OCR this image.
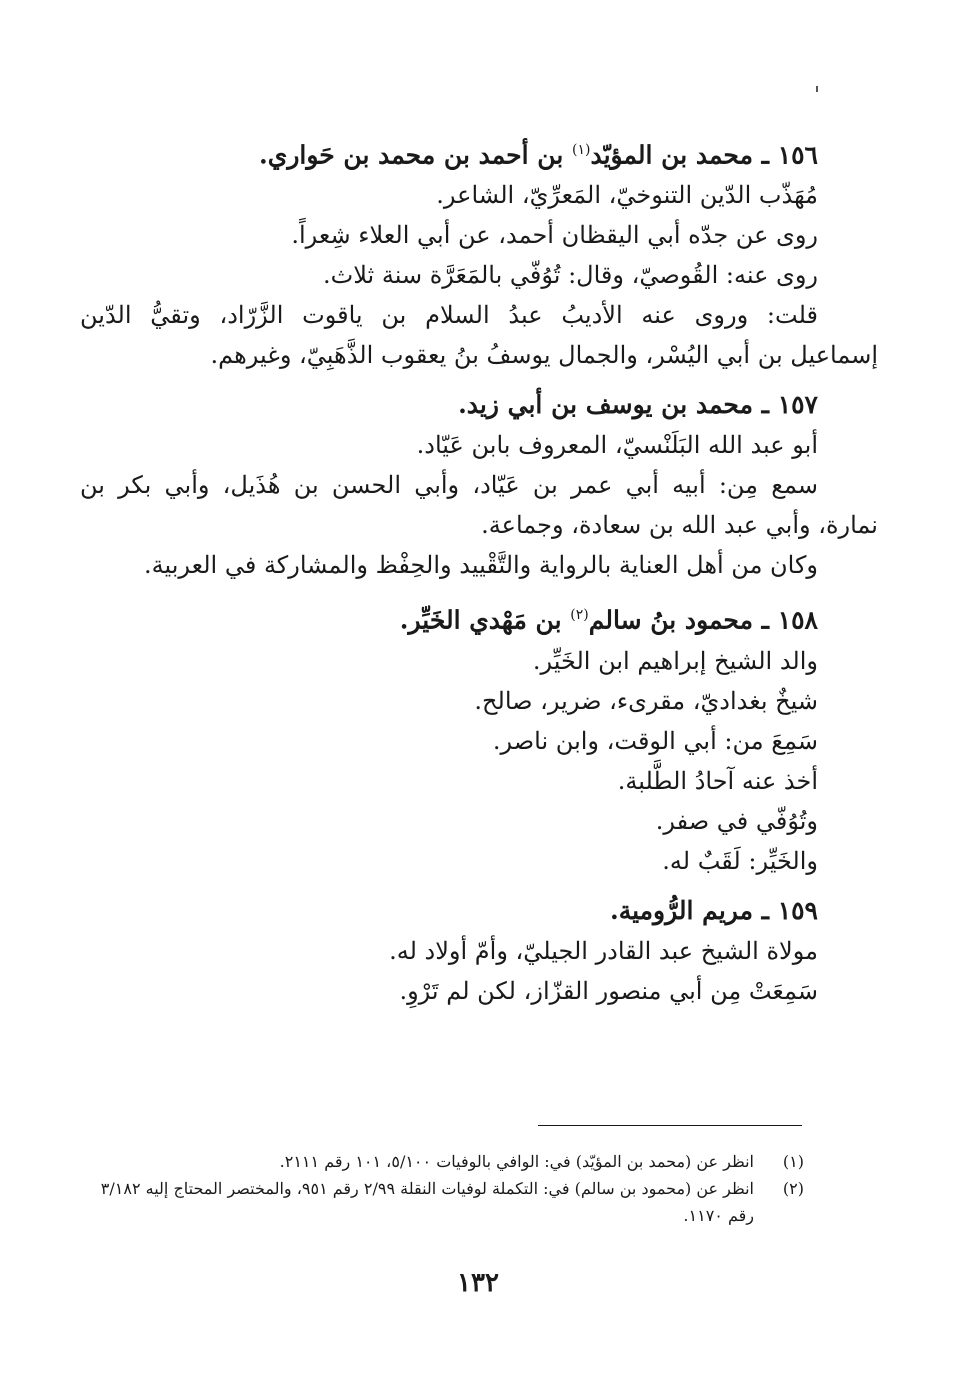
١٥٦ ـ محمد بن المؤيّد$^{(١)}$ بن أحمد بن محمد بن حَواري.

مُهَذّب الدّين التنوخيّ، المَعرِّيّ، الشاعر.

روى عن جدّه أبي اليقظان أحمد، عن أبي العلاء شِعراً.

روى عنه: القُوصيّ، وقال: تُوُفّي بالمَعَرَّة سنة ثلاث.

قلت: وروى عنه الأديبُ عبدُ السلام بن ياقوت الزَّرّاد، وتقيُّ الدّين

إسماعيل بن أبي اليُسْر، والجمال يوسفُ بنُ يعقوب الذَّهَبِيّ، وغيرهم.

١٥٧ ـ محمد بن يوسف بن أبي زيد.

أبو عبد الله البَلَنْسيّ، المعروف بابن عَيّاد.

سمع مِن: أبيه أبي عمر بن عَيّاد، وأبي الحسن بن هُذَيل، وأبي بكر بن

نمارة، وأبي عبد الله بن سعادة، وجماعة.

وكان من أهل العناية بالرواية والتَّقْييد والحِفْظ والمشاركة في العربية.

١٥٨ ـ محمود بنُ سالم$^{(٢)}$ بن مَهْدي الخَيِّر.

والد الشيخ إبراهيم ابن الخَيِّر.

شيخٌ بغداديّ، مقرىء، ضرير، صالح.

سَمِعَ من: أبي الوقت، وابن ناصر.

أخذ عنه آحادُ الطَّلبة.

وتُوُفّي في صفر.

والخَيِّر: لَقَبٌ له.

١٥٩ ـ مريم الرُّومية.

مولاة الشيخ عبد القادر الجيليّ، وأمّ أولاد له.

سَمِعَتْ مِن أبي منصور القزّاز، لكن لم تَرْوِ.

(١)
انظر عن (محمد بن المؤيّد) في: الوافي بالوفيات ٥/١٠٠، ١٠١ رقم ٢١١١.
(٢)
انظر عن (محمود بن سالم) في: التكملة لوفيات النقلة ٢/٩٩ رقم ٩٥١، والمختصر المحتاج إليه ٣/١٨٢ رقم ١١٧٠.
١٣٢
